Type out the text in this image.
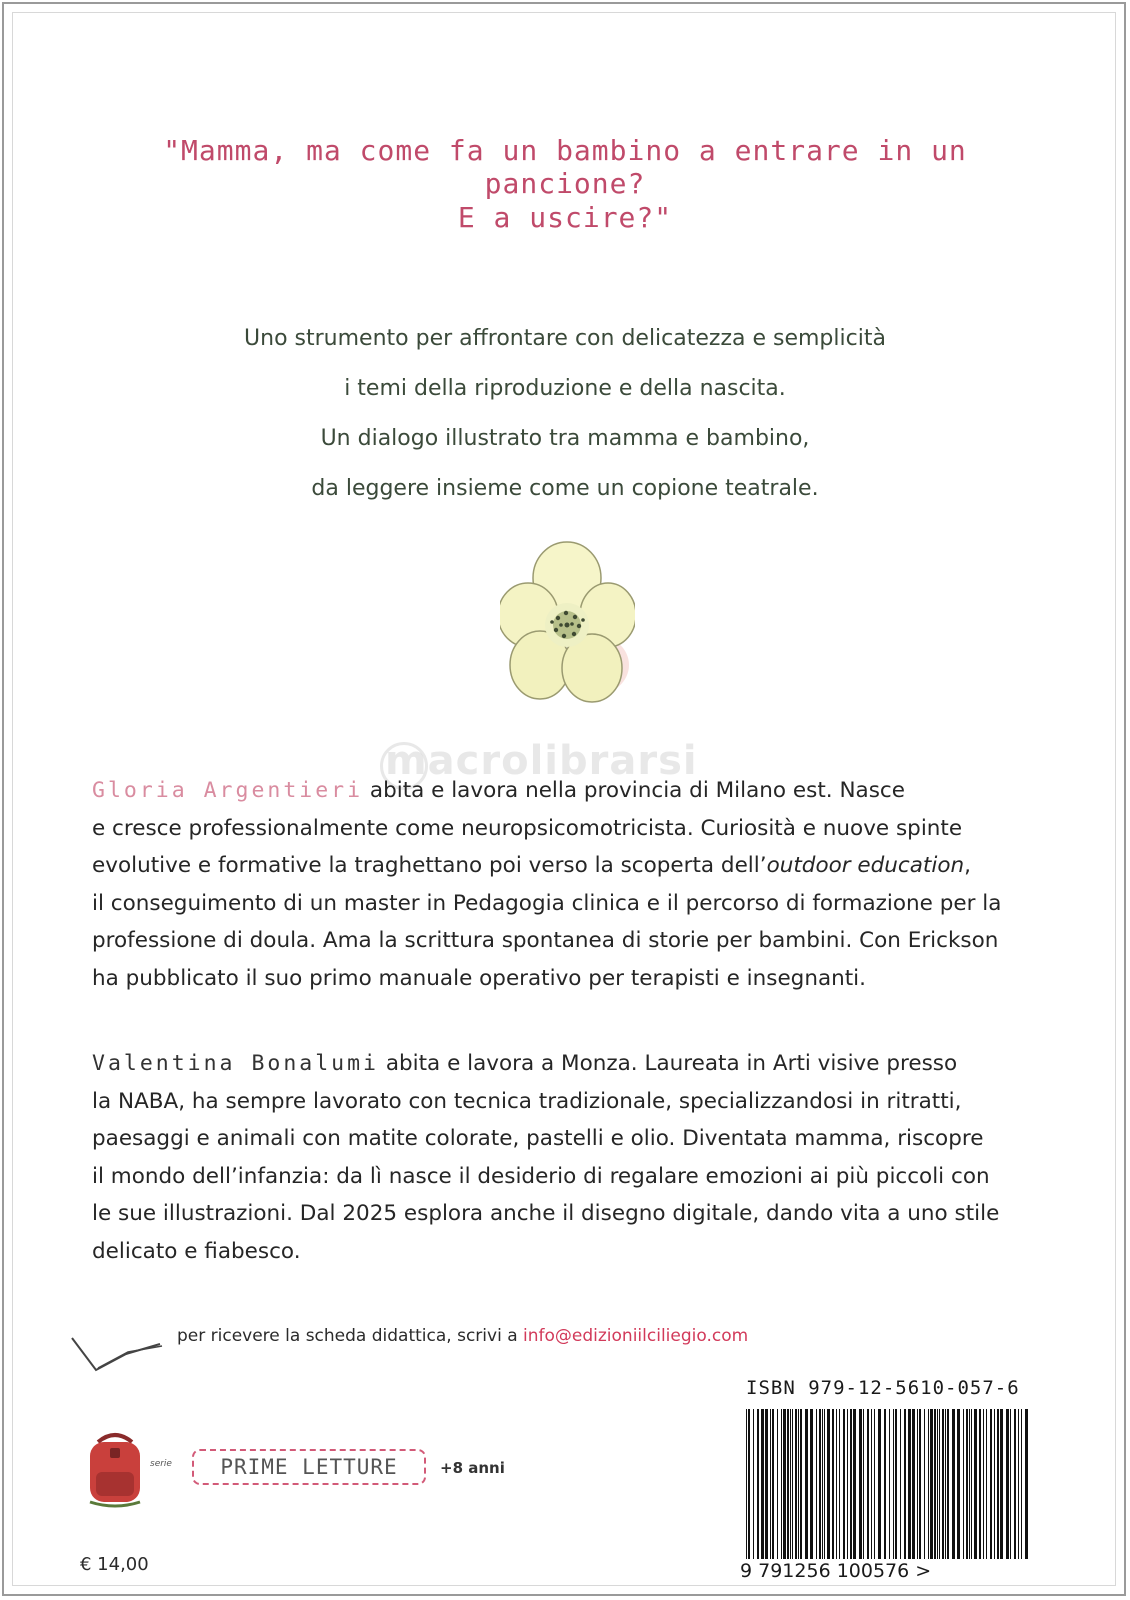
"Mamma, ma come fa un bambino a entrare in un pancione?
E a uscire?"
Uno strumento per affrontare con delicatezza e semplicità
i temi della riproduzione e della nascita.
Un dialogo illustrato tra mamma e bambino,
da leggere insieme come un copione teatrale.
macrolibrarsi
Gloria Argentieri abita e lavora nella provincia di Milano est. Nasce
e cresce professionalmente come neuropsicomotricista. Curiosità e nuove spinte
evolutive e formative la traghettano poi verso la scoperta dell’outdoor education,
il conseguimento di un master in Pedagogia clinica e il percorso di formazione per la
professione di doula. Ama la scrittura spontanea di storie per bambini. Con Erickson
ha pubblicato il suo primo manuale operativo per terapisti e insegnanti.
Valentina Bonalumi abita e lavora a Monza. Laureata in Arti visive presso
la NABA, ha sempre lavorato con tecnica tradizionale, specializzandosi in ritratti,
paesaggi e animali con matite colorate, pastelli e olio. Diventata mamma, riscopre
il mondo dell’infanzia: da lì nasce il desiderio di regalare emozioni ai più piccoli con
le sue illustrazioni. Dal 2025 esplora anche il disegno digitale, dando vita a uno stile
delicato e fiabesco.
per ricevere la scheda didattica, scrivi a info@edizioniilciliegio.com
ISBN 979-12-5610-057-6
9 791256 100576 >
serie	PRIME LETTURE	+8 anni
€ 14,00
